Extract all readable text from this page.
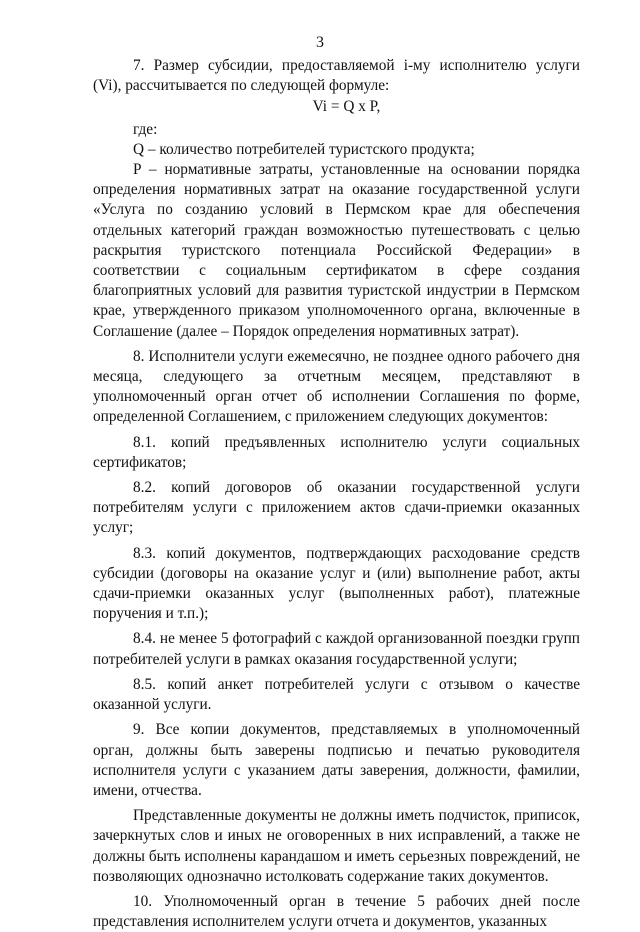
3

7. Размер субсидии, предоставляемой i-му исполнителю услуги (Vi), рассчитывается по следующей формуле:

Vi = Q x P,

где:

Q – количество потребителей туристского продукта;

P – нормативные затраты, установленные на основании порядка определения нормативных затрат на оказание государственной услуги «Услуга по созданию условий в Пермском крае для обеспечения отдельных категорий граждан возможностью путешествовать с целью раскрытия туристского потенциала Российской Федерации» в соответствии с социальным сертификатом в сфере создания благоприятных условий для развития туристской индустрии в Пермском крае, утвержденного приказом уполномоченного органа, включенные в Соглашение (далее – Порядок определения нормативных затрат).

8. Исполнители услуги ежемесячно, не позднее одного рабочего дня месяца, следующего за отчетным месяцем, представляют в уполномоченный орган отчет об исполнении Соглашения по форме, определенной Соглашением, с приложением следующих документов:

8.1. копий предъявленных исполнителю услуги социальных сертификатов;

8.2. копий договоров об оказании государственной услуги потребителям услуги с приложением актов сдачи-приемки оказанных услуг;

8.3. копий документов, подтверждающих расходование средств субсидии (договоры на оказание услуг и (или) выполнение работ, акты сдачи-приемки оказанных услуг (выполненных работ), платежные поручения и т.п.);

8.4. не менее 5 фотографий с каждой организованной поездки групп потребителей услуги в рамках оказания государственной услуги;

8.5. копий анкет потребителей услуги с отзывом о качестве оказанной услуги.

9. Все копии документов, представляемых в уполномоченный орган, должны быть заверены подписью и печатью руководителя исполнителя услуги с указанием даты заверения, должности, фамилии, имени, отчества.

Представленные документы не должны иметь подчисток, приписок, зачеркнутых слов и иных не оговоренных в них исправлений, а также не должны быть исполнены карандашом и иметь серьезных повреждений, не позволяющих однозначно истолковать содержание таких документов.

10. Уполномоченный орган в течение 5 рабочих дней после представления исполнителем услуги отчета и документов, указанных
